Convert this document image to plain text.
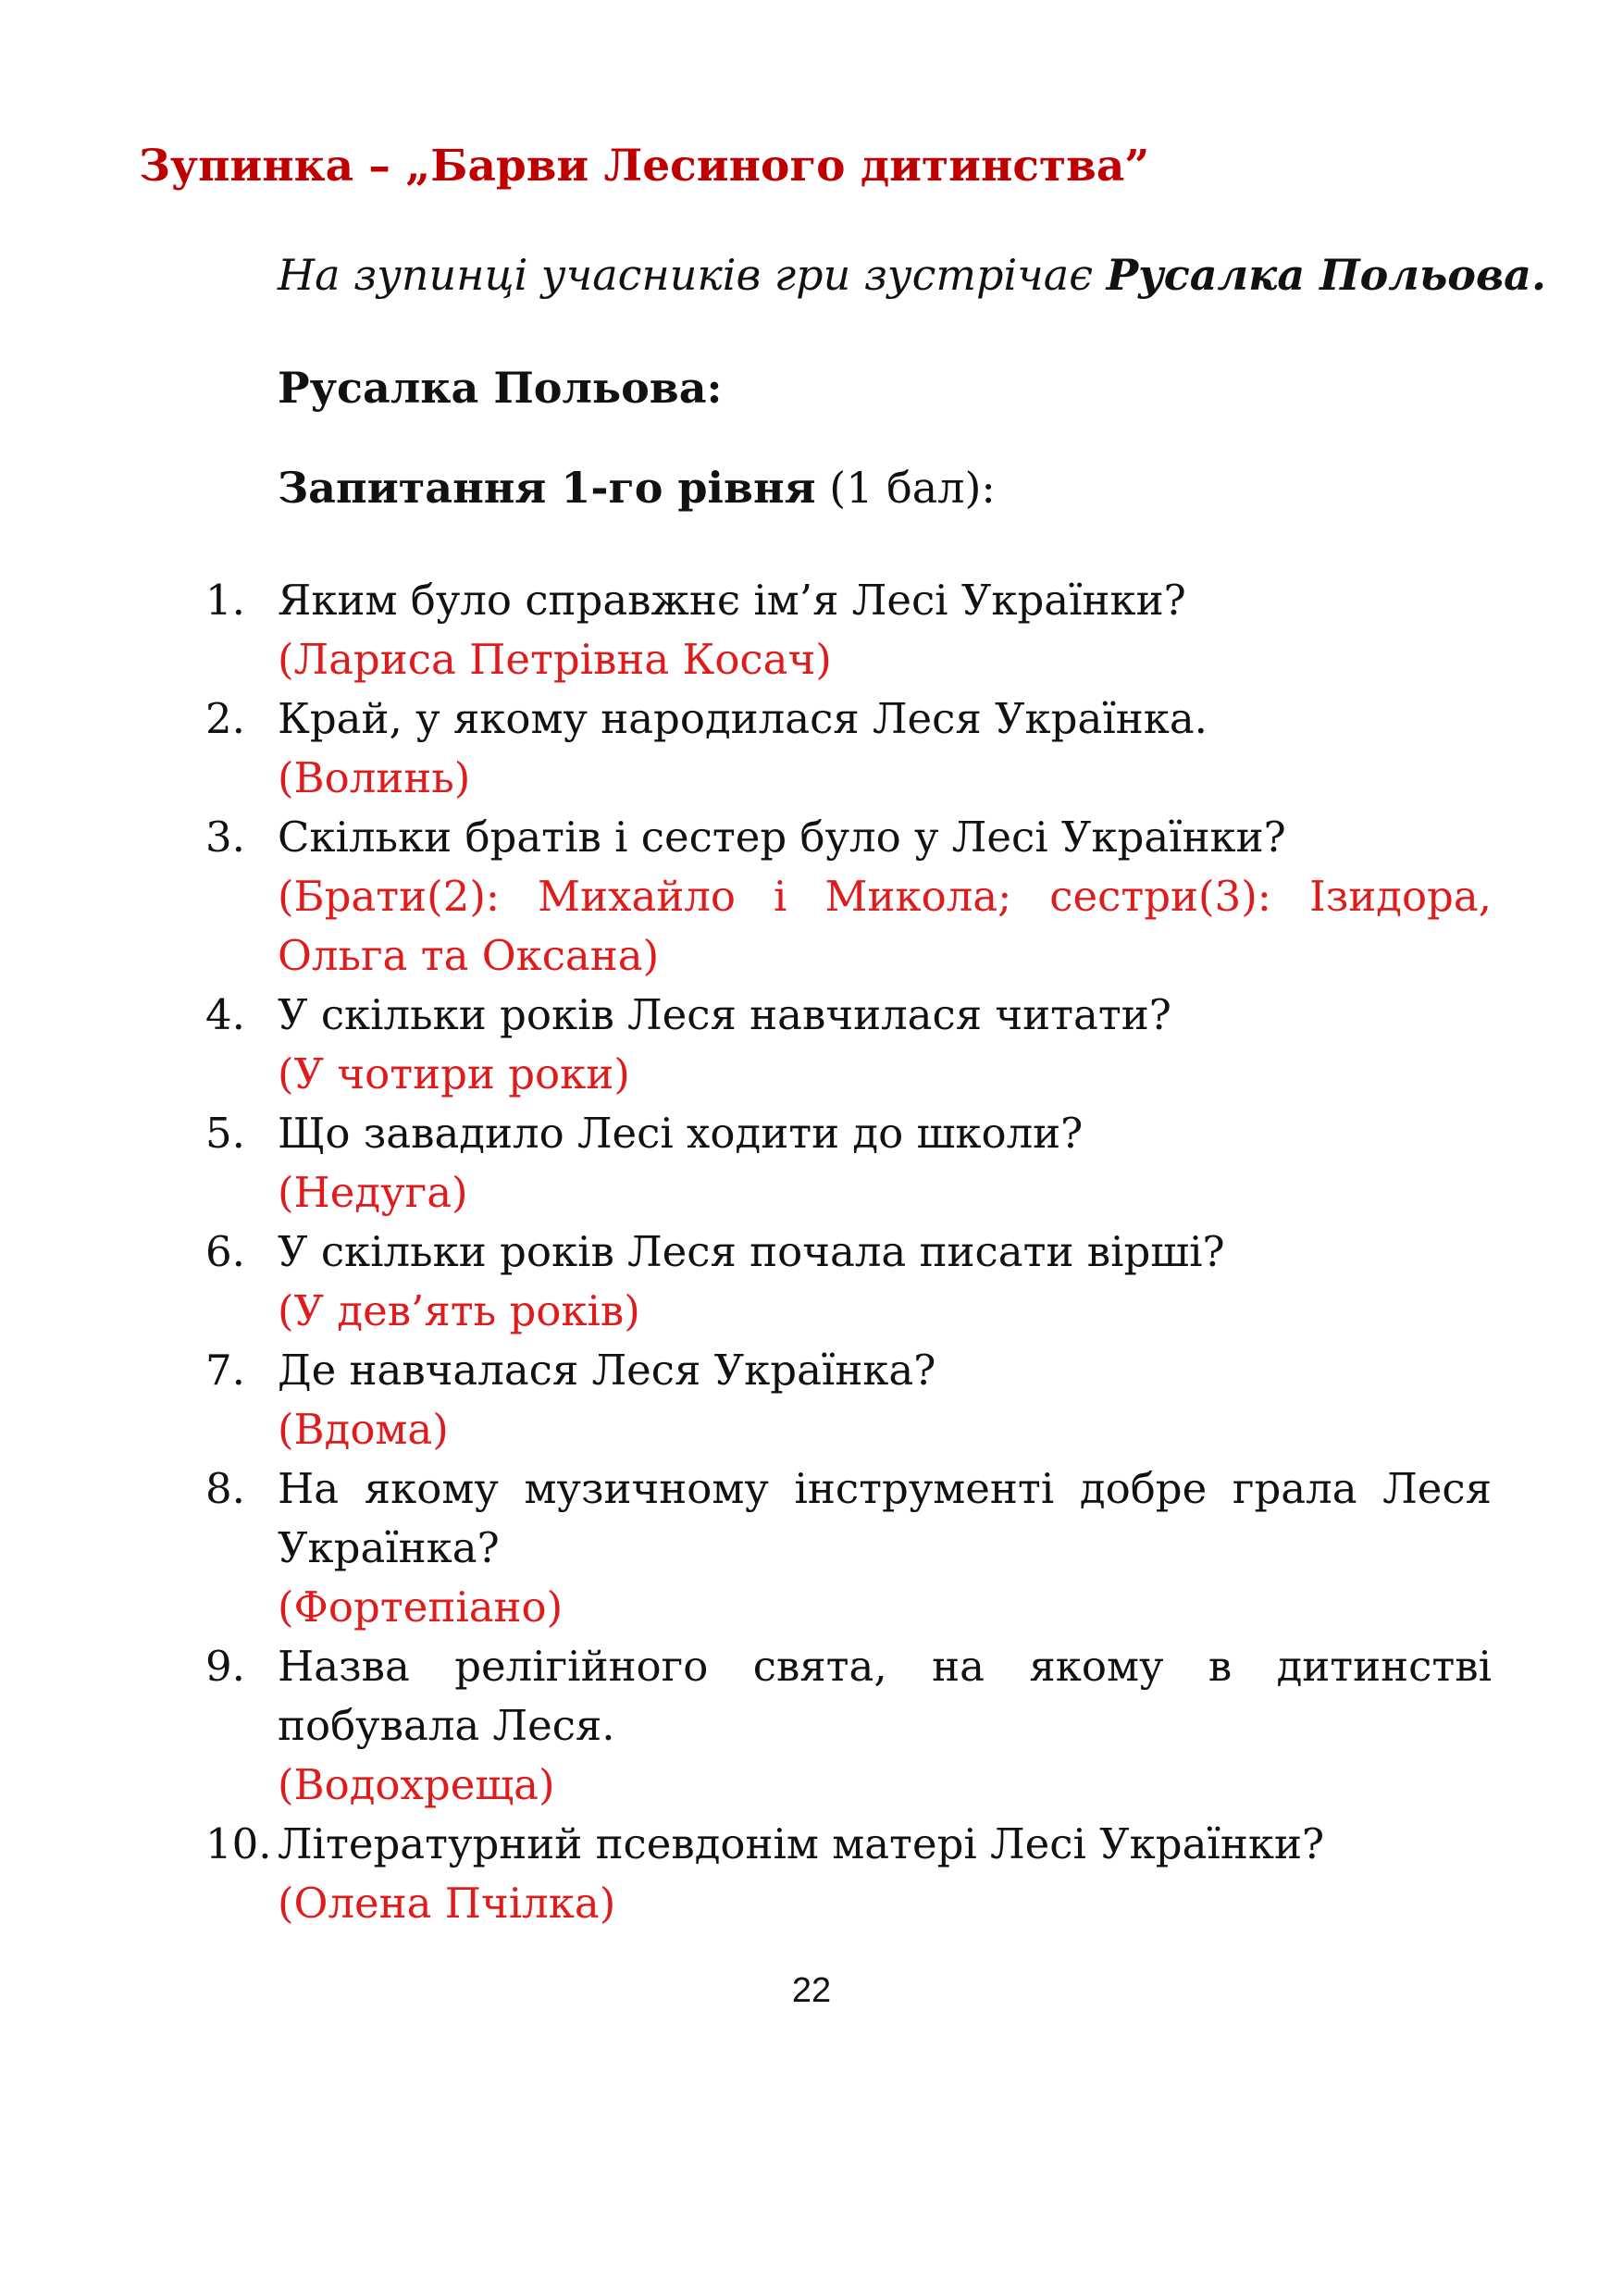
Зупинка – „Барви Лесиного дитинства”
На зупинці учасників гри зустрічає Русалка Польова.
Русалка Польова:
Запитання 1-го рівня (1 бал):
1. Яким було справжнє ім’я Лесі Українки?
(Лариса Петрівна Косач)
2. Край, у якому народилася Леся Українка.
(Волинь)
3. Скільки братів і сестер було у Лесі Українки?
(Брати(2): Михайло і Микола; сестри(3): Ізидора, Ольга та Оксана)
4. У скільки років Леся навчилася читати?
(У чотири роки)
5. Що завадило Лесі ходити до школи?
(Недуга)
6. У скільки років Леся почала писати вірші?
(У дев’ять років)
7. Де навчалася Леся Українка?
(Вдома)
8. На якому музичному інструменті добре грала Леся Українка?
(Фортепіано)
9. Назва релігійного свята, на якому в дитинстві побувала Леся.
(Водохреща)
10. Літературний псевдонім матері Лесі Українки?
(Олена Пчілка)
22
